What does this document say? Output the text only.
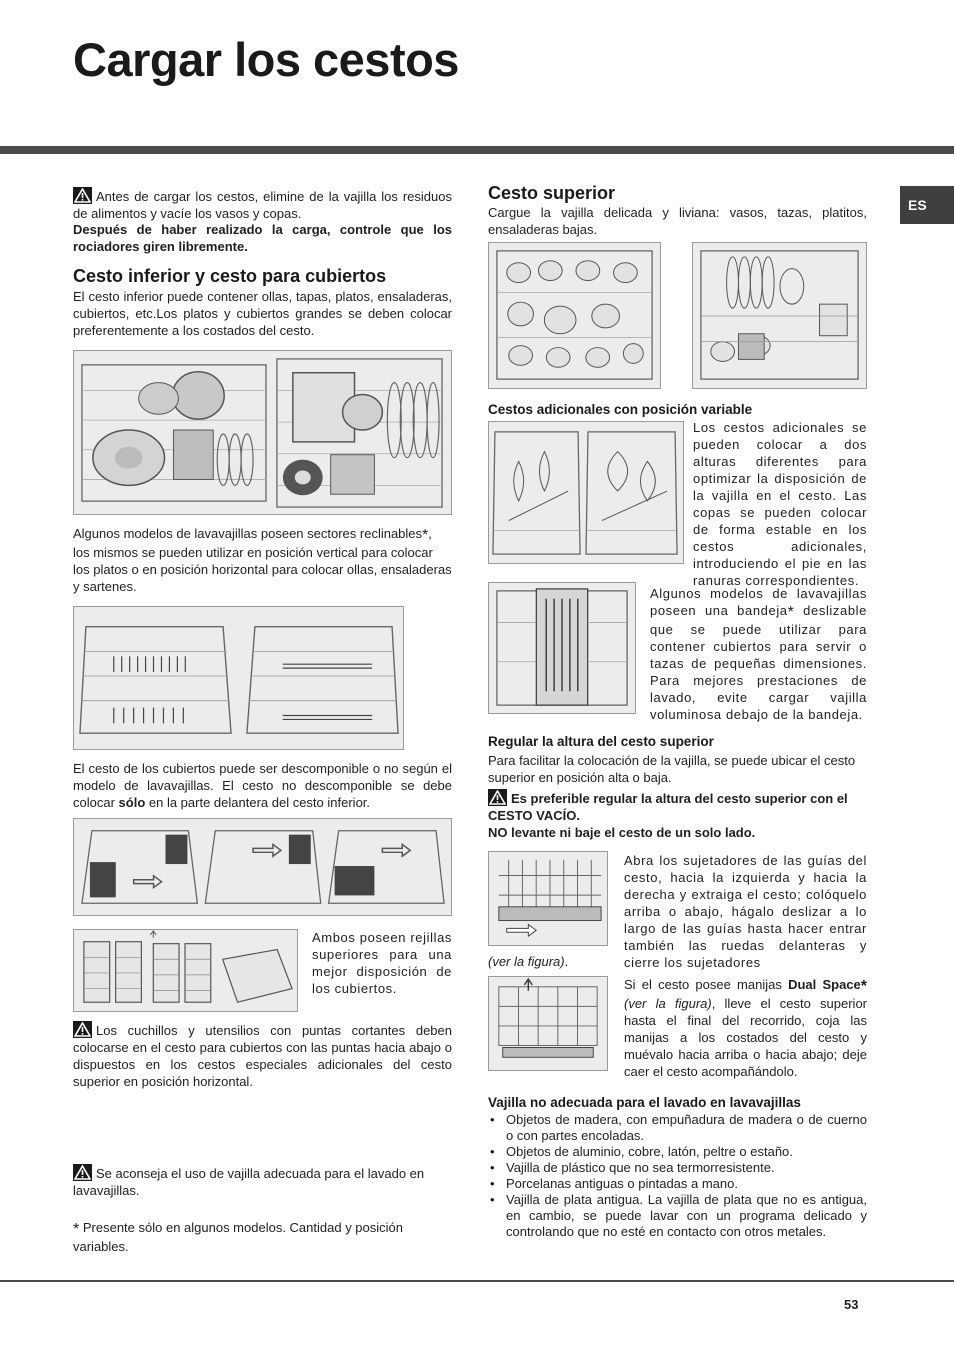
Cargar los cestos
ES

Antes de cargar los cestos, elimine de la vajilla los residuos de alimentos y vacíe los vasos y copas.

Después de haber realizado la carga, controle que los rociadores giren libremente.

Cesto inferior y cesto para cubiertos

El cesto inferior puede contener ollas, tapas, platos, ensaladeras, cubiertos, etc.Los platos y cubiertos grandes se deben colocar preferentemente a los costados del cesto.

Algunos modelos de lavavajillas poseen sectores reclinables*, los mismos se pueden utilizar en posición vertical para colocar los platos o en posición horizontal para colocar ollas, ensaladeras y sartenes.

El cesto de los cubiertos puede ser descomponible o no según el modelo de lavavajillas. El cesto no descomponible se debe colocar sólo en la parte delantera del cesto inferior.

Ambos poseen rejillas superiores para una mejor disposición de los cubiertos.

Los cuchillos y utensilios con puntas cortantes deben colocarse en el cesto para cubiertos con las puntas hacia abajo o dispuestos en los cestos especiales adicionales del cesto superior en posición horizontal.

Se aconseja el uso de vajilla adecuada para el lavado en lavavajillas.

* Presente sólo en algunos modelos. Cantidad y posición variables.

Cesto superior

Cargue la vajilla delicada y liviana: vasos, tazas, platitos, ensaladeras bajas.

Cestos adicionales con posición variable

Los cestos adicionales se pueden colocar a dos alturas diferentes para optimizar la disposición de la vajilla en el cesto. Las copas se pueden colocar de forma estable en los cestos adicionales, introduciendo el pie en las ranuras correspondientes.

Algunos modelos de lavavajillas poseen una bandeja* deslizable que se puede utilizar para contener cubiertos para servir o tazas de pequeñas dimensiones. Para mejores prestaciones de lavado, evite cargar vajilla voluminosa debajo de la bandeja.

Regular la altura del cesto superior

Para facilitar la colocación de la vajilla, se puede ubicar el cesto superior en posición alta o baja.

Es preferible regular la altura del cesto superior con el CESTO VACÍO.
NO levante ni baje el cesto de un solo lado.

Abra los sujetadores de las guías del cesto, hacia la izquierda y hacia la derecha y extraiga el cesto; colóquelo arriba o abajo, hágalo deslizar a lo largo de las guías hasta hacer entrar también las ruedas delanteras y cierre los sujetadores

(ver la figura).

Si el cesto posee manijas Dual Space* (ver la figura), lleve el cesto superior hasta el final del recorrido, coja las manijas a los costados del cesto y muévalo hacia arriba o hacia abajo; deje caer el cesto acompañándolo.

Vajilla no adecuada para el lavado en lavavajillas
• Objetos de madera, con empuñadura de madera o de cuerno o con partes encoladas.
• Objetos de aluminio, cobre, latón, peltre o estaño.
• Vajilla de plástico que no sea termorresistente.
• Porcelanas antiguas o pintadas a mano.
• Vajilla de plata antigua. La vajilla de plata que no es antigua, en cambio, se puede lavar con un programa delicado y controlando que no esté en contacto con otros metales.
53
